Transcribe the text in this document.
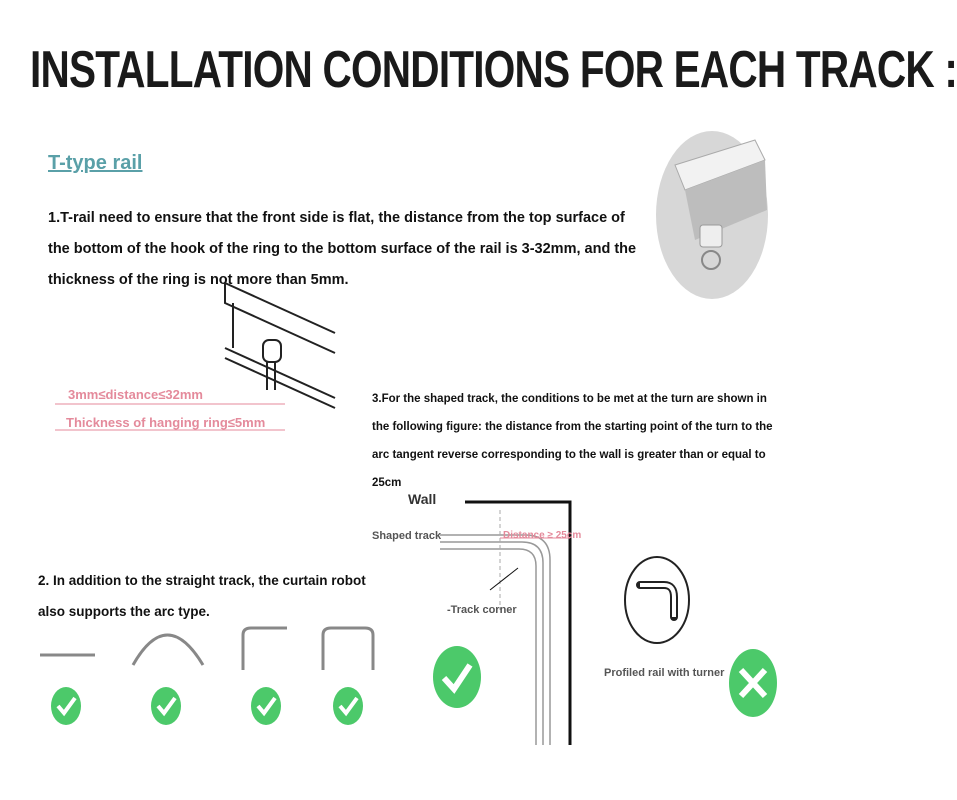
INSTALLATION CONDITIONS FOR EACH TRACK :
T-type rail
1.T-rail need to ensure that the front side is flat, the distance from the top surface of the bottom of the hook of the ring to the bottom surface of the rail is 3-32mm, and the thickness of the ring is not more than 5mm.
3mm≤distance≤32mm
Thickness of hanging ring≤5mm
3.For the shaped track, the conditions to be met at the turn are shown in the following figure: the distance from the starting point of the turn to the arc tangent reverse corresponding to the wall is greater than or equal to 25cm
Wall
Shaped track	Distance ≥ 25cm
-Track corner
Profiled rail with turner
2. In addition to the straight track, the curtain robot also supports the arc type.
